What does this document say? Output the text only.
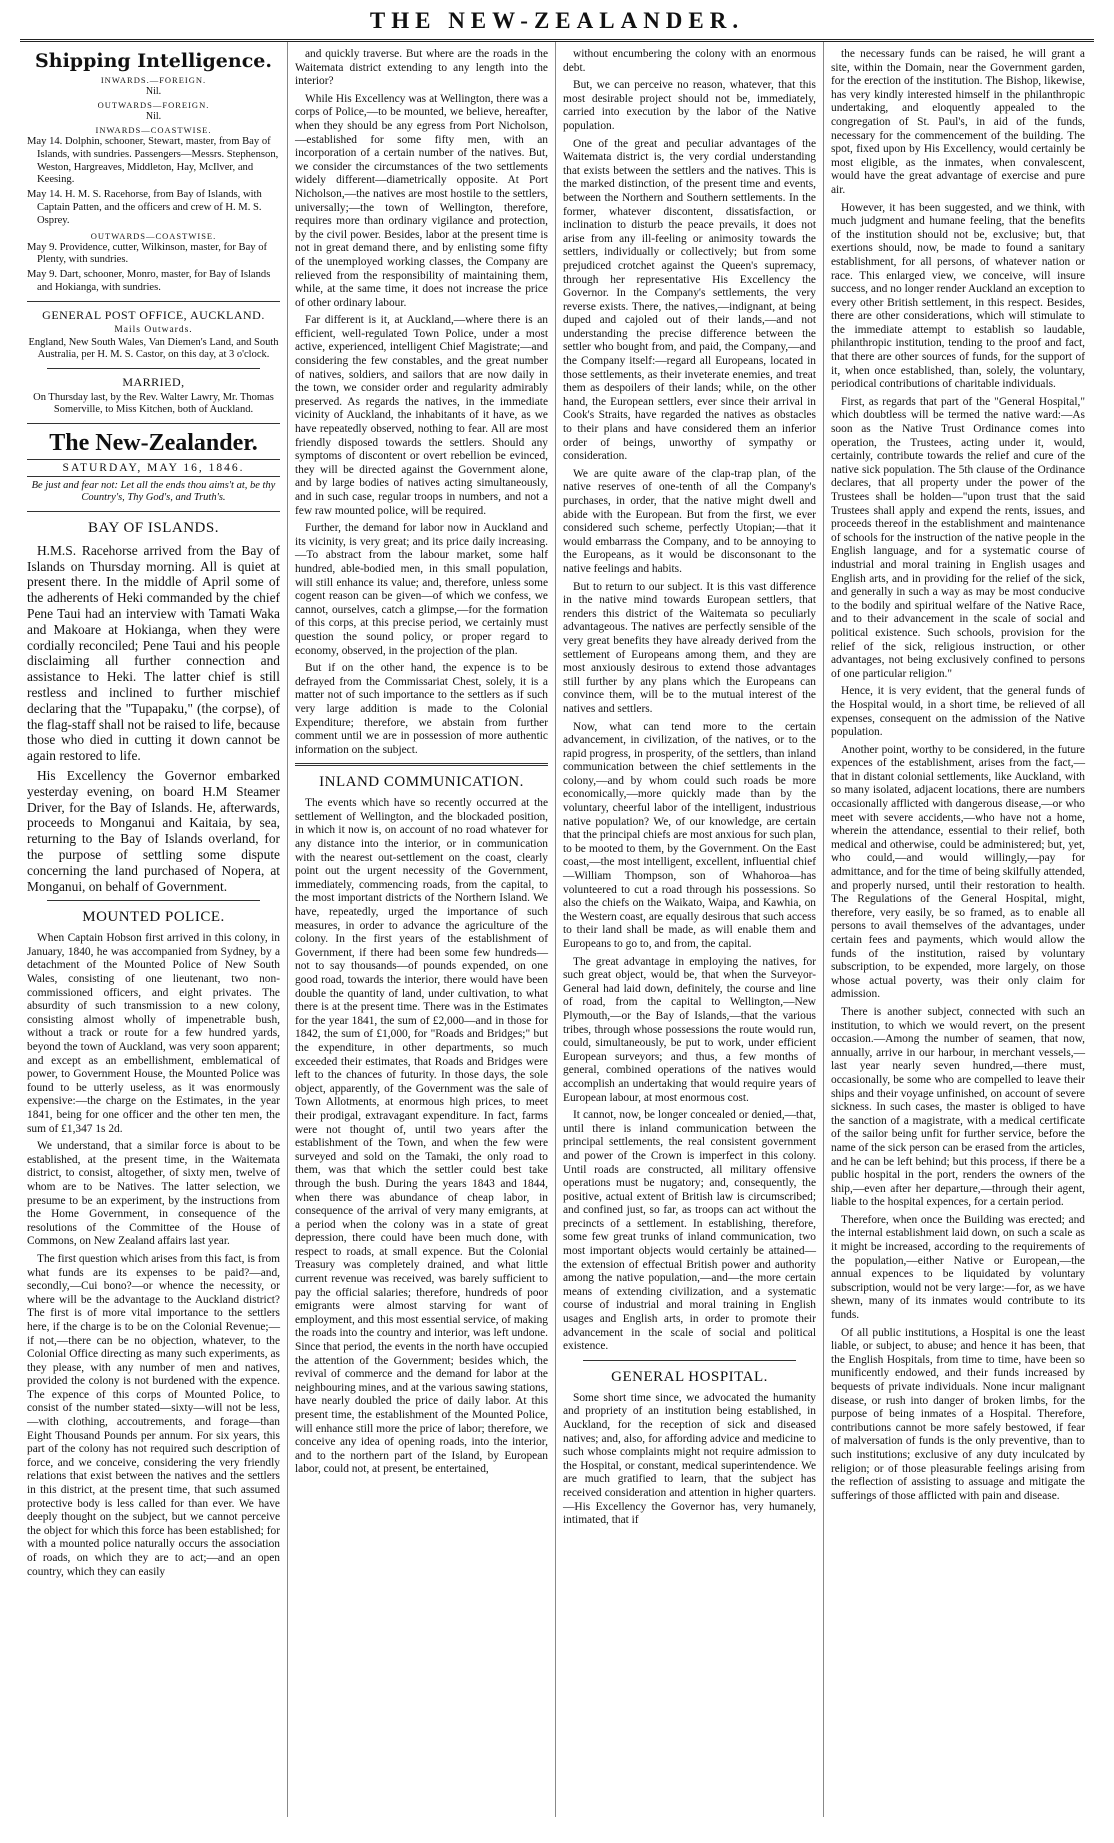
THE NEW-ZEALANDER.
Shipping Intelligence.
INWARDS.—FOREIGN.
Nil.
OUTWARDS—FOREIGN.
Nil.
INWARDS—COASTWISE.

May 14. Dolphin, schooner, Stewart, master, from Bay of Islands, with sundries. Passengers—Messrs. Stephenson, Weston, Hargreaves, Middleton, Hay, McIlver, and Keesing.

May 14. H. M. S. Racehorse, from Bay of Islands, with Captain Patten, and the officers and crew of H. M. S. Osprey.

OUTWARDS—COASTWISE.

May 9. Providence, cutter, Wilkinson, master, for Bay of Plenty, with sundries.

May 9. Dart, schooner, Monro, master, for Bay of Islands and Hokianga, with sundries.

GENERAL POST OFFICE, AUCKLAND.
Mails Outwards.

England, New South Wales, Van Diemen's Land, and South Australia, per H. M. S. Castor, on this day, at 3 o'clock.

MARRIED,

On Thursday last, by the Rev. Walter Lawry, Mr. Thomas Somerville, to Miss Kitchen, both of Auckland.

The New-Zealander.
SATURDAY, MAY 16, 1846.
Be just and fear not: Let all the ends thou aims't at, be thy Country's, Thy God's, and Truth's.
BAY OF ISLANDS.

H.M.S. Racehorse arrived from the Bay of Islands on Thursday morning. All is quiet at present there. In the middle of April some of the adherents of Heki commanded by the chief Pene Taui had an interview with Tamati Waka and Makoare at Hokianga, when they were cordially reconciled; Pene Taui and his people disclaiming all further connection and assistance to Heki. The latter chief is still restless and inclined to further mischief declaring that the "Tupapaku," (the corpse), of the flag-staff shall not be raised to life, because those who died in cutting it down cannot be again restored to life.

His Excellency the Governor embarked yesterday evening, on board H.M Steamer Driver, for the Bay of Islands. He, afterwards, proceeds to Monganui and Kaitaia, by sea, returning to the Bay of Islands overland, for the purpose of settling some dispute concerning the land purchased of Nopera, at Monganui, on behalf of Government.

MOUNTED POLICE.

When Captain Hobson first arrived in this colony, in January, 1840, he was accompanied from Sydney, by a detachment of the Mounted Police of New South Wales, consisting of one lieutenant, two non-commissioned officers, and eight privates. The absurdity of such transmission to a new colony, consisting almost wholly of impenetrable bush, without a track or route for a few hundred yards, beyond the town of Auckland, was very soon apparent; and except as an embellishment, emblematical of power, to Government House, the Mounted Police was found to be utterly useless, as it was enormously expensive:—the charge on the Estimates, in the year 1841, being for one officer and the other ten men, the sum of £1,347 1s 2d.

We understand, that a similar force is about to be established, at the present time, in the Waitemata district, to consist, altogether, of sixty men, twelve of whom are to be Natives. The latter selection, we presume to be an experiment, by the instructions from the Home Government, in consequence of the resolutions of the Committee of the House of Commons, on New Zealand affairs last year.

The first question which arises from this fact, is from what funds are its expenses to be paid?—and, secondly,—Cui bono?—or whence the necessity, or where will be the advantage to the Auckland district? The first is of more vital importance to the settlers here, if the charge is to be on the Colonial Revenue;—if not,—there can be no objection, whatever, to the Colonial Office directing as many such experiments, as they please, with any number of men and natives, provided the colony is not burdened with the expence. The expence of this corps of Mounted Police, to consist of the number stated—sixty—will not be less,—with clothing, accoutrements, and forage—than Eight Thousand Pounds per annum. For six years, this part of the colony has not required such description of force, and we conceive, considering the very friendly relations that exist between the natives and the settlers in this district, at the present time, that such assumed protective body is less called for than ever. We have deeply thought on the subject, but we cannot perceive the object for which this force has been established; for with a mounted police naturally occurs the association of roads, on which they are to act;—and an open country, which they can easily

and quickly traverse. But where are the roads in the Waitemata district extending to any length into the interior?

While His Excellency was at Wellington, there was a corps of Police,—to be mounted, we believe, hereafter, when they should be any egress from Port Nicholson,—established for some fifty men, with an incorporation of a certain number of the natives. But, we consider the circumstances of the two settlements widely different—diametrically opposite. At Port Nicholson,—the natives are most hostile to the settlers, universally;—the town of Wellington, therefore, requires more than ordinary vigilance and protection, by the civil power. Besides, labor at the present time is not in great demand there, and by enlisting some fifty of the unemployed working classes, the Company are relieved from the responsibility of maintaining them, while, at the same time, it does not increase the price of other ordinary labour.

Far different is it, at Auckland,—where there is an efficient, well-regulated Town Police, under a most active, experienced, intelligent Chief Magistrate;—and considering the few constables, and the great number of natives, soldiers, and sailors that are now daily in the town, we consider order and regularity admirably preserved. As regards the natives, in the immediate vicinity of Auckland, the inhabitants of it have, as we have repeatedly observed, nothing to fear. All are most friendly disposed towards the settlers. Should any symptoms of discontent or overt rebellion be evinced, they will be directed against the Government alone, and by large bodies of natives acting simultaneously, and in such case, regular troops in numbers, and not a few raw mounted police, will be required.

Further, the demand for labor now in Auckland and its vicinity, is very great; and its price daily increasing.—To abstract from the labour market, some half hundred, able-bodied men, in this small population, will still enhance its value; and, therefore, unless some cogent reason can be given—of which we confess, we cannot, ourselves, catch a glimpse,—for the formation of this corps, at this precise period, we certainly must question the sound policy, or proper regard to economy, observed, in the projection of the plan.

But if on the other hand, the expence is to be defrayed from the Commissariat Chest, solely, it is a matter not of such importance to the settlers as if such very large addition is made to the Colonial Expenditure; therefore, we abstain from further comment until we are in possession of more authentic information on the subject.

INLAND COMMUNICATION.

The events which have so recently occurred at the settlement of Wellington, and the blockaded position, in which it now is, on account of no road whatever for any distance into the interior, or in communication with the nearest out-settlement on the coast, clearly point out the urgent necessity of the Government, immediately, commencing roads, from the capital, to the most important districts of the Northern Island. We have, repeatedly, urged the importance of such measures, in order to advance the agriculture of the colony. In the first years of the establishment of Government, if there had been some few hundreds—not to say thousands—of pounds expended, on one good road, towards the interior, there would have been double the quantity of land, under cultivation, to what there is at the present time. There was in the Estimates for the year 1841, the sum of £2,000—and in those for 1842, the sum of £1,000, for "Roads and Bridges;" but the expenditure, in other departments, so much exceeded their estimates, that Roads and Bridges were left to the chances of futurity. In those days, the sole object, apparently, of the Government was the sale of Town Allotments, at enormous high prices, to meet their prodigal, extravagant expenditure. In fact, farms were not thought of, until two years after the establishment of the Town, and when the few were surveyed and sold on the Tamaki, the only road to them, was that which the settler could best take through the bush. During the years 1843 and 1844, when there was abundance of cheap labor, in consequence of the arrival of very many emigrants, at a period when the colony was in a state of great depression, there could have been much done, with respect to roads, at small expence. But the Colonial Treasury was completely drained, and what little current revenue was received, was barely sufficient to pay the official salaries; therefore, hundreds of poor emigrants were almost starving for want of employment, and this most essential service, of making the roads into the country and interior, was left undone. Since that period, the events in the north have occupied the attention of the Government; besides which, the revival of commerce and the demand for labor at the neighbouring mines, and at the various sawing stations, have nearly doubled the price of daily labor. At this present time, the establishment of the Mounted Police, will enhance still more the price of labor; therefore, we conceive any idea of opening roads, into the interior, and to the northern part of the Island, by European labor, could not, at present, be entertained,

without encumbering the colony with an enormous debt.

But, we can perceive no reason, whatever, that this most desirable project should not be, immediately, carried into execution by the labor of the Native population.

One of the great and peculiar advantages of the Waitemata district is, the very cordial understanding that exists between the settlers and the natives. This is the marked distinction, of the present time and events, between the Northern and Southern settlements. In the former, whatever discontent, dissatisfaction, or inclination to disturb the peace prevails, it does not arise from any ill-feeling or animosity towards the settlers, individually or collectively; but from some prejudiced crotchet against the Queen's supremacy, through her representative His Excellency the Governor. In the Company's settlements, the very reverse exists. There, the natives,—indignant, at being duped and cajoled out of their lands,—and not understanding the precise difference between the settler who bought from, and paid, the Company,—and the Company itself:—regard all Europeans, located in those settlements, as their inveterate enemies, and treat them as despoilers of their lands; while, on the other hand, the European settlers, ever since their arrival in Cook's Straits, have regarded the natives as obstacles to their plans and have considered them an inferior order of beings, unworthy of sympathy or consideration.

We are quite aware of the clap-trap plan, of the native reserves of one-tenth of all the Company's purchases, in order, that the native might dwell and abide with the European. But from the first, we ever considered such scheme, perfectly Utopian;—that it would embarrass the Company, and to be annoying to the Europeans, as it would be disconsonant to the native feelings and habits.

But to return to our subject. It is this vast difference in the native mind towards European settlers, that renders this district of the Waitemata so peculiarly advantageous. The natives are perfectly sensible of the very great benefits they have already derived from the settlement of Europeans among them, and they are most anxiously desirous to extend those advantages still further by any plans which the Europeans can convince them, will be to the mutual interest of the natives and settlers.

Now, what can tend more to the certain advancement, in civilization, of the natives, or to the rapid progress, in prosperity, of the settlers, than inland communication between the chief settlements in the colony,—and by whom could such roads be more economically,—more quickly made than by the voluntary, cheerful labor of the intelligent, industrious native population? We, of our knowledge, are certain that the principal chiefs are most anxious for such plan, to be mooted to them, by the Government. On the East coast,—the most intelligent, excellent, influential chief—William Thompson, son of Whahoroa—has volunteered to cut a road through his possessions. So also the chiefs on the Waikato, Waipa, and Kawhia, on the Western coast, are equally desirous that such access to their land shall be made, as will enable them and Europeans to go to, and from, the capital.

The great advantage in employing the natives, for such great object, would be, that when the Surveyor-General had laid down, definitely, the course and line of road, from the capital to Wellington,—New Plymouth,—or the Bay of Islands,—that the various tribes, through whose possessions the route would run, could, simultaneously, be put to work, under efficient European surveyors; and thus, a few months of general, combined operations of the natives would accomplish an undertaking that would require years of European labour, at most enormous cost.

It cannot, now, be longer concealed or denied,—that, until there is inland communication between the principal settlements, the real consistent government and power of the Crown is imperfect in this colony. Until roads are constructed, all military offensive operations must be nugatory; and, consequently, the positive, actual extent of British law is circumscribed; and confined just, so far, as troops can act without the precincts of a settlement. In establishing, therefore, some few great trunks of inland communication, two most important objects would certainly be attained—the extension of effectual British power and authority among the native population,—and—the more certain means of extending civilization, and a systematic course of industrial and moral training in English usages and English arts, in order to promote their advancement in the scale of social and political existence.

GENERAL HOSPITAL.

Some short time since, we advocated the humanity and propriety of an institution being established, in Auckland, for the reception of sick and diseased natives; and, also, for affording advice and medicine to such whose complaints might not require admission to the Hospital, or constant, medical superintendence. We are much gratified to learn, that the subject has received consideration and attention in higher quarters.—His Excellency the Governor has, very humanely, intimated, that if

the necessary funds can be raised, he will grant a site, within the Domain, near the Government garden, for the erection of the institution. The Bishop, likewise, has very kindly interested himself in the philanthropic undertaking, and eloquently appealed to the congregation of St. Paul's, in aid of the funds, necessary for the commencement of the building. The spot, fixed upon by His Excellency, would certainly be most eligible, as the inmates, when convalescent, would have the great advantage of exercise and pure air.

However, it has been suggested, and we think, with much judgment and humane feeling, that the benefits of the institution should not be, exclusive; but, that exertions should, now, be made to found a sanitary establishment, for all persons, of whatever nation or race. This enlarged view, we conceive, will insure success, and no longer render Auckland an exception to every other British settlement, in this respect. Besides, there are other considerations, which will stimulate to the immediate attempt to establish so laudable, philanthropic institution, tending to the proof and fact, that there are other sources of funds, for the support of it, when once established, than, solely, the voluntary, periodical contributions of charitable individuals.

First, as regards that part of the "General Hospital," which doubtless will be termed the native ward:—As soon as the Native Trust Ordinance comes into operation, the Trustees, acting under it, would, certainly, contribute towards the relief and cure of the native sick population. The 5th clause of the Ordinance declares, that all property under the power of the Trustees shall be holden—"upon trust that the said Trustees shall apply and expend the rents, issues, and proceeds thereof in the establishment and maintenance of schools for the instruction of the native people in the English language, and for a systematic course of industrial and moral training in English usages and English arts, and in providing for the relief of the sick, and generally in such a way as may be most conducive to the bodily and spiritual welfare of the Native Race, and to their advancement in the scale of social and political existence. Such schools, provision for the relief of the sick, religious instruction, or other advantages, not being exclusively confined to persons of one particular religion."

Hence, it is very evident, that the general funds of the Hospital would, in a short time, be relieved of all expenses, consequent on the admission of the Native population.

Another point, worthy to be considered, in the future expences of the establishment, arises from the fact,—that in distant colonial settlements, like Auckland, with so many isolated, adjacent locations, there are numbers occasionally afflicted with dangerous disease,—or who meet with severe accidents,—who have not a home, wherein the attendance, essential to their relief, both medical and otherwise, could be administered; but, yet, who could,—and would willingly,—pay for admittance, and for the time of being skilfully attended, and properly nursed, until their restoration to health. The Regulations of the General Hospital, might, therefore, very easily, be so framed, as to enable all persons to avail themselves of the advantages, under certain fees and payments, which would allow the funds of the institution, raised by voluntary subscription, to be expended, more largely, on those whose actual poverty, was their only claim for admission.

There is another subject, connected with such an institution, to which we would revert, on the present occasion.—Among the number of seamen, that now, annually, arrive in our harbour, in merchant vessels,—last year nearly seven hundred,—there must, occasionally, be some who are compelled to leave their ships and their voyage unfinished, on account of severe sickness. In such cases, the master is obliged to have the sanction of a magistrate, with a medical certificate of the sailor being unfit for further service, before the name of the sick person can be erased from the articles, and he can be left behind; but this process, if there be a public hospital in the port, renders the owners of the ship,—even after her departure,—through their agent, liable to the hospital expences, for a certain period.

Therefore, when once the Building was erected; and the internal establishment laid down, on such a scale as it might be increased, according to the requirements of the population,—either Native or European,—the annual expences to be liquidated by voluntary subscription, would not be very large:—for, as we have shewn, many of its inmates would contribute to its funds.

Of all public institutions, a Hospital is one the least liable, or subject, to abuse; and hence it has been, that the English Hospitals, from time to time, have been so munificently endowed, and their funds increased by bequests of private individuals. None incur malignant disease, or rush into danger of broken limbs, for the purpose of being inmates of a Hospital. Therefore, contributions cannot be more safely bestowed, if fear of malversation of funds is the only preventive, than to such institutions; exclusive of any duty inculcated by religion; or of those pleasurable feelings arising from the reflection of assisting to assuage and mitigate the sufferings of those afflicted with pain and disease.
